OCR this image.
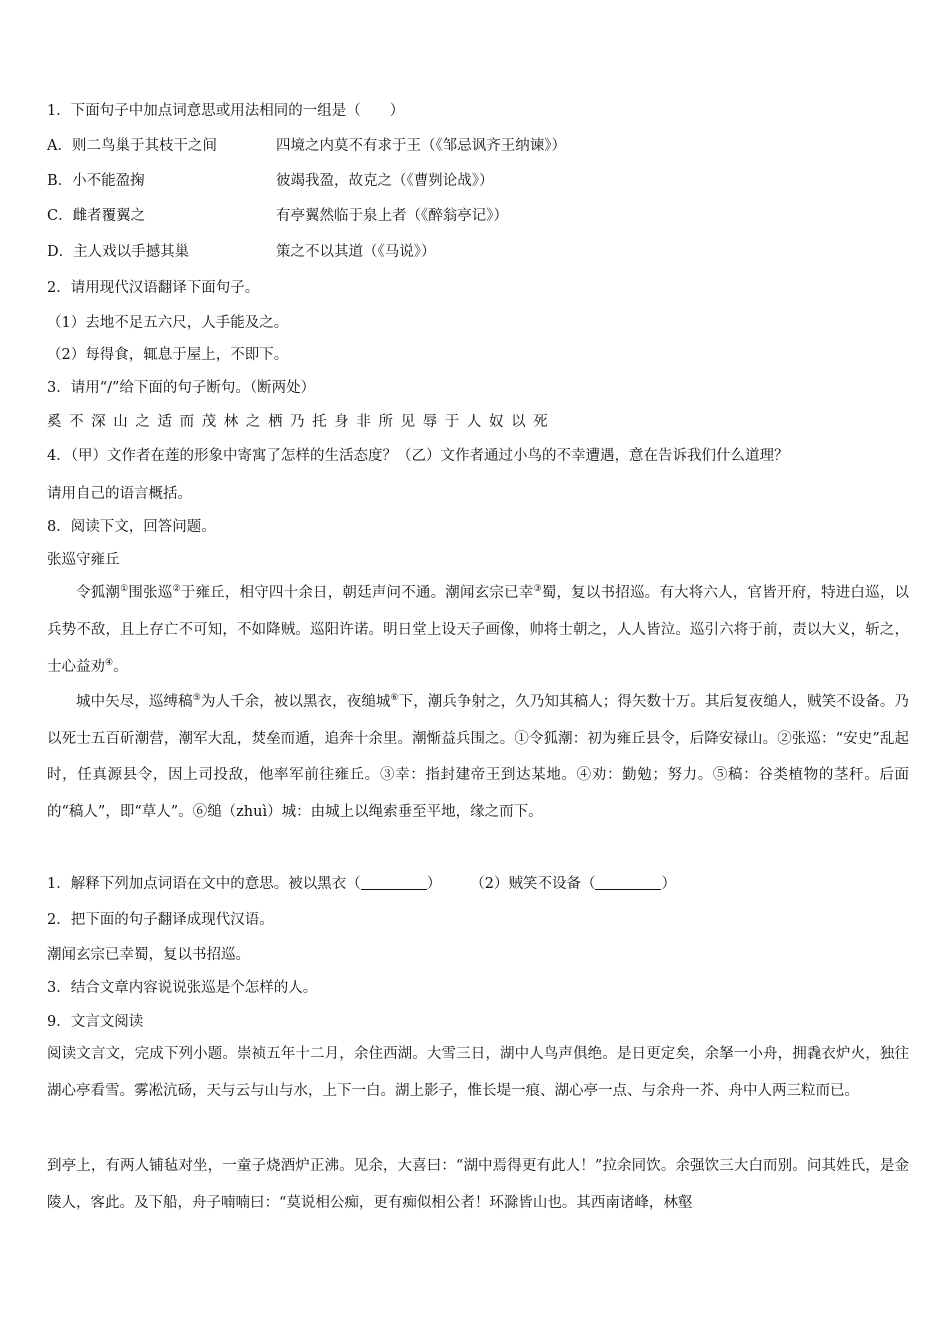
1．下面句子中加点词意思或用法相同的一组是（　　）
A．则二鸟巢于其枝干之间	四境之内莫不有求于王（《邹忌讽齐王纳谏》）
B．小不能盈掬	彼竭我盈，故克之（《曹刿论战》）
C．雌者覆翼之	有亭翼然临于泉上者（《醉翁亭记》）
D．主人戏以手撼其巢	策之不以其道（《马说》）
2．请用现代汉语翻译下面句子。
（1）去地不足五六尺，人手能及之。
（2）每得食，辄息于屋上，不即下。
3．请用“/”给下面的句子断句。（断两处）
奚不深山之适而茂林之栖乃托身非所见辱于人奴以死
4．（甲）文作者在莲的形象中寄寓了怎样的生活态度？（乙）文作者通过小鸟的不幸遭遇，意在告诉我们什么道理？
请用自己的语言概括。
8．阅读下文，回答问题。
张巡守雍丘
令狐潮①围张巡②于雍丘，相守四十余日，朝廷声问不通。潮闻玄宗已幸③蜀，复以书招巡。有大将六人，官皆开府，特进白巡，以兵势不敌，且上存亡不可知，不如降贼。巡阳许诺。明日堂上设天子画像，帅将士朝之，人人皆泣。巡引六将于前，责以大义，斩之，士心益劝④。
城中矢尽，巡缚稿⑤为人千余，被以黑衣，夜缒城⑥下，潮兵争射之，久乃知其稿人；得矢数十万。其后复夜缒人，贼笑不设备。乃以死士五百斫潮营，潮军大乱，焚垒而遁，追奔十余里。潮惭益兵围之。①令狐潮：初为雍丘县令，后降安禄山。②张巡：“安史”乱起时，任真源县令，因上司投敌，他率军前往雍丘。③幸：指封建帝王到达某地。④劝：勤勉；努力。⑤稿：谷类植物的茎秆。后面的“稿人”，即“草人”。⑥缒（zhuì）城：由城上以绳索垂至平地，缘之而下。
1．解释下列加点词语在文中的意思。被以黑衣（	）　　　（2）贼笑不设备（	）
2．把下面的句子翻译成现代汉语。
潮闻玄宗已幸蜀，复以书招巡。
3．结合文章内容说说张巡是个怎样的人。
9．文言文阅读
阅读文言文，完成下列小题。崇祯五年十二月，余住西湖。大雪三日，湖中人鸟声俱绝。是日更定矣，余拏一小舟，拥毳衣炉火，独往湖心亭看雪。雾凇沆砀，天与云与山与水，上下一白。湖上影子，惟长堤一痕、湖心亭一点、与余舟一芥、舟中人两三粒而已。
到亭上，有两人铺毡对坐，一童子烧酒炉正沸。见余，大喜曰：“湖中焉得更有此人！”拉余同饮。余强饮三大白而别。问其姓氏，是金陵人，客此。及下船，舟子喃喃曰：“莫说相公痴，更有痴似相公者！环滁皆山也。其西南诸峰，林壑
